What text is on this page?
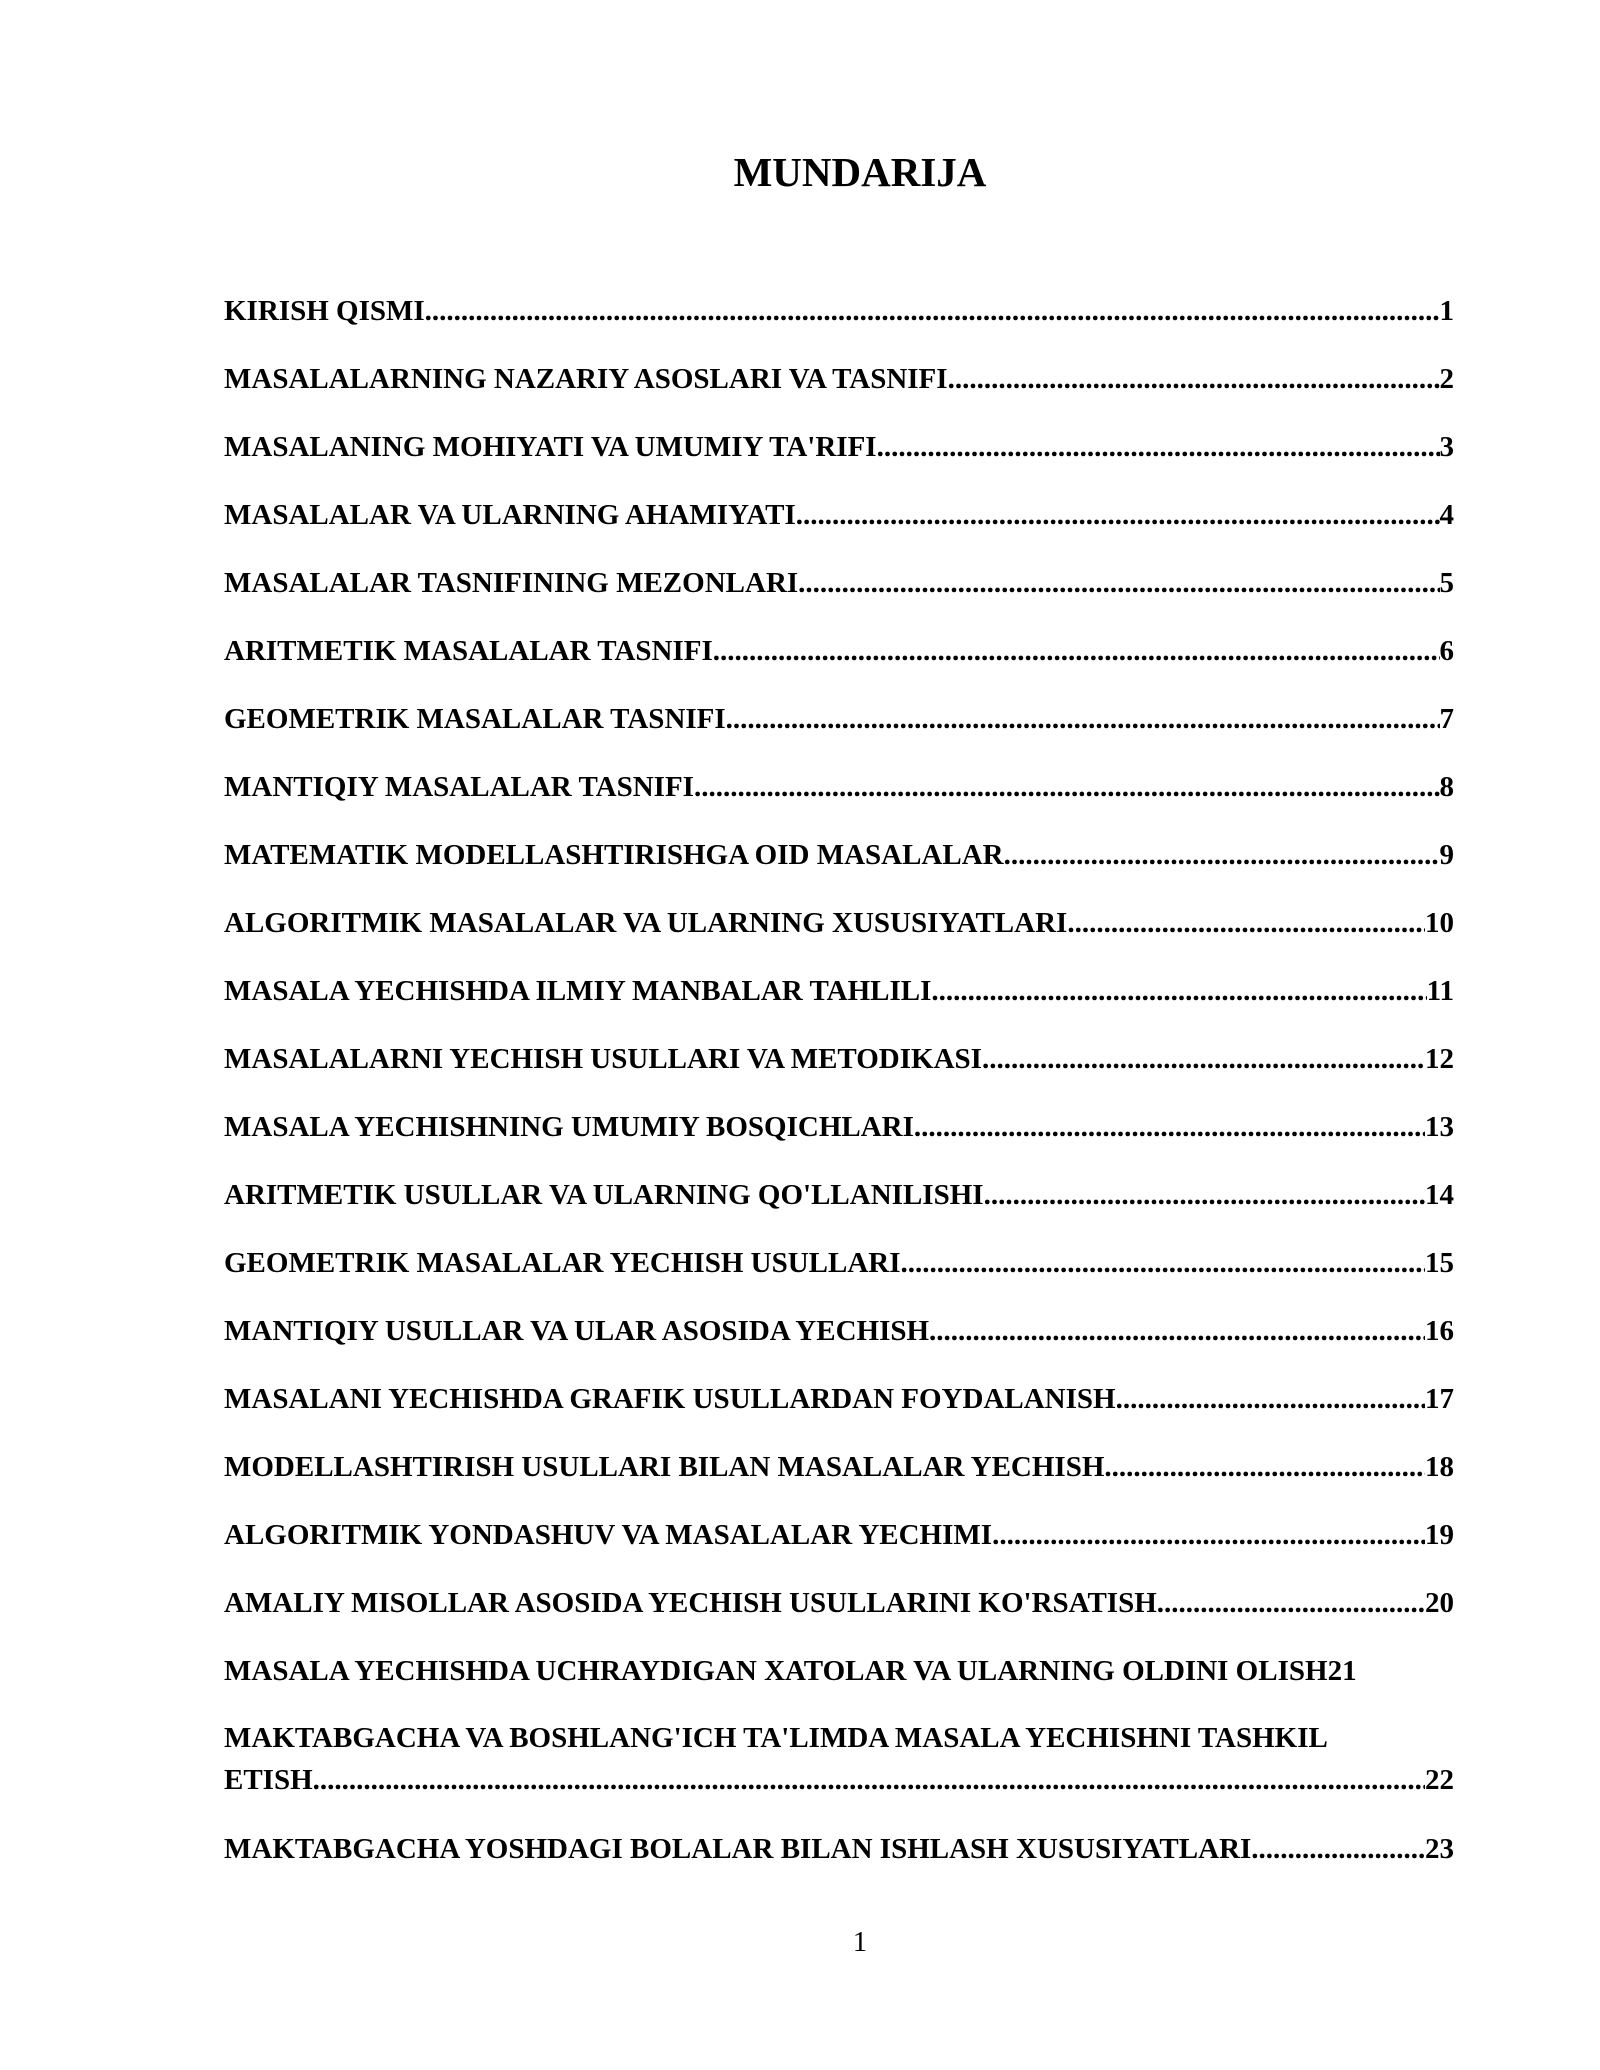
MUNDARIJA
KIRISH QISMI .....	1
MASALALARNING NAZARIY ASOSLARI VA TASNIFI .....	2
MASALANING MOHIYATI VA UMUMIY TA'RIFI .....	3
MASALALAR VA ULARNING AHAMIYATI .....	4
MASALALAR TASNIFINING MEZONLARI .....	5
ARITMETIK MASALALAR TASNIFI .....	6
GEOMETRIK MASALALAR TASNIFI .....	7
MANTIQIY MASALALAR TASNIFI .....	8
MATEMATIK MODELLASHTIRISHGA OID MASALALAR .....	9
ALGORITMIK MASALALAR VA ULARNING XUSUSIYATLARI .....	10
MASALA YECHISHDA ILMIY MANBALAR TAHLILI .....	11
MASALALARNI YECHISH USULLARI VA METODIKASI .....	12
MASALA YECHISHNING UMUMIY BOSQICHLARI .....	13
ARITMETIK USULLAR VA ULARNING QO'LLANILISHI .....	14
GEOMETRIK MASALALAR YECHISH USULLARI .....	15
MANTIQIY USULLAR VA ULAR ASOSIDA YECHISH .....	16
MASALANI YECHISHDA GRAFIK USULLARDAN FOYDALANISH .....	17
MODELLASHTIRISH USULLARI BILAN MASALALAR YECHISH .....	18
ALGORITMIK YONDASHUV VA MASALALAR YECHIMI .....	19
AMALIY MISOLLAR ASOSIDA YECHISH USULLARINI KO'RSATISH .....	20
MASALA YECHISHDA UCHRAYDIGAN XATOLAR VA ULARNING OLDINI OLISH 21
MAKTABGACHA VA BOSHLANG'ICH TA'LIMDA MASALA YECHISHNI TASHKIL
ETISH .....	22
MAKTABGACHA YOSHDAGI BOLALAR BILAN ISHLASH XUSUSIYATLARI .....	23
1
